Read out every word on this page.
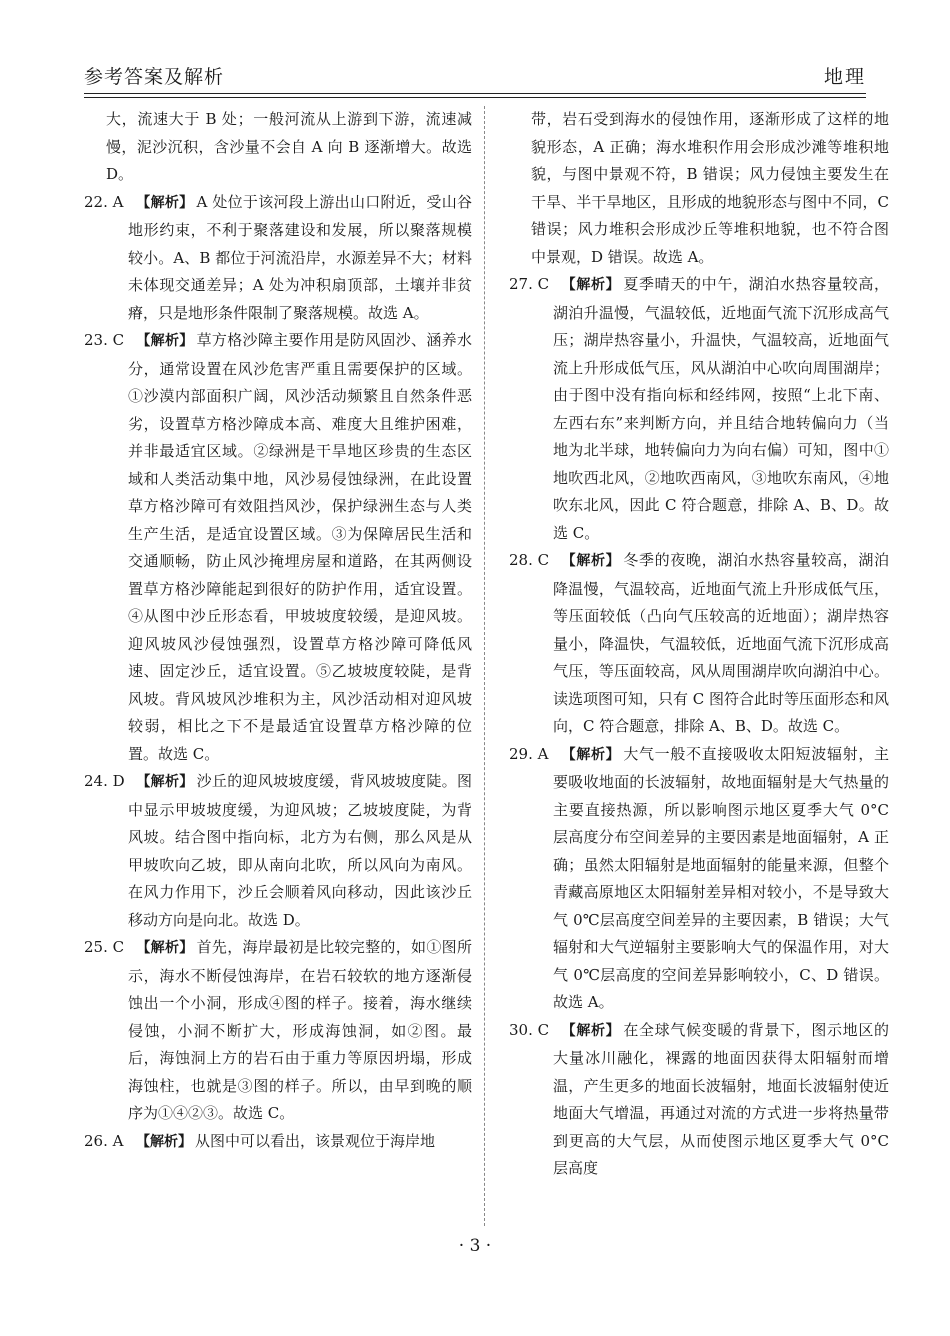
参考答案及解析	地理

大，流速大于 B 处；一般河流从上游到下游，流速减慢，泥沙沉积，含沙量不会自 A 向 B 逐渐增大。故选 D。

22. A 【解析】 A 处位于该河段上游出山口附近，受山谷地形约束，不利于聚落建设和发展，所以聚落规模较小。A、B 都位于河流沿岸，水源差异不大；材料未体现交通差异；A 处为冲积扇顶部，土壤并非贫瘠，只是地形条件限制了聚落规模。故选 A。

23. C 【解析】 草方格沙障主要作用是防风固沙、涵养水分，通常设置在风沙危害严重且需要保护的区域。①沙漠内部面积广阔，风沙活动频繁且自然条件恶劣，设置草方格沙障成本高、难度大且维护困难，并非最适宜区域。②绿洲是干旱地区珍贵的生态区域和人类活动集中地，风沙易侵蚀绿洲，在此设置草方格沙障可有效阻挡风沙，保护绿洲生态与人类生产生活，是适宜设置区域。③为保障居民生活和交通顺畅，防止风沙掩埋房屋和道路，在其两侧设置草方格沙障能起到很好的防护作用，适宜设置。④从图中沙丘形态看，甲坡坡度较缓，是迎风坡。迎风坡风沙侵蚀强烈，设置草方格沙障可降低风速、固定沙丘，适宜设置。⑤乙坡坡度较陡，是背风坡。背风坡风沙堆积为主，风沙活动相对迎风坡较弱，相比之下不是最适宜设置草方格沙障的位置。故选 C。

24. D 【解析】 沙丘的迎风坡坡度缓，背风坡坡度陡。图中显示甲坡坡度缓，为迎风坡；乙坡坡度陡，为背风坡。结合图中指向标，北方为右侧，那么风是从甲坡吹向乙坡，即从南向北吹，所以风向为南风。在风力作用下，沙丘会顺着风向移动，因此该沙丘移动方向是向北。故选 D。

25. C 【解析】 首先，海岸最初是比较完整的，如①图所示，海水不断侵蚀海岸，在岩石较软的地方逐渐侵蚀出一个小洞，形成④图的样子。接着，海水继续侵蚀，小洞不断扩大，形成海蚀洞，如②图。最后，海蚀洞上方的岩石由于重力等原因坍塌，形成海蚀柱，也就是③图的样子。所以，由早到晚的顺序为①④②③。故选 C。

26. A 【解析】 从图中可以看出，该景观位于海岸地

带，岩石受到海水的侵蚀作用，逐渐形成了这样的地貌形态，A 正确；海水堆积作用会形成沙滩等堆积地貌，与图中景观不符，B 错误；风力侵蚀主要发生在干旱、半干旱地区，且形成的地貌形态与图中不同，C 错误；风力堆积会形成沙丘等堆积地貌，也不符合图中景观，D 错误。故选 A。

27. C 【解析】 夏季晴天的中午，湖泊水热容量较高，湖泊升温慢，气温较低，近地面气流下沉形成高气压；湖岸热容量小，升温快，气温较高，近地面气流上升形成低气压，风从湖泊中心吹向周围湖岸；由于图中没有指向标和经纬网，按照“上北下南、左西右东”来判断方向，并且结合地转偏向力（当地为北半球，地转偏向力为向右偏）可知，图中①地吹西北风，②地吹西南风，③地吹东南风，④地吹东北风，因此 C 符合题意，排除 A、B、D。故选 C。

28. C 【解析】 冬季的夜晚，湖泊水热容量较高，湖泊降温慢，气温较高，近地面气流上升形成低气压，等压面较低（凸向气压较高的近地面）；湖岸热容量小，降温快，气温较低，近地面气流下沉形成高气压，等压面较高，风从周围湖岸吹向湖泊中心。读选项图可知，只有 C 图符合此时等压面形态和风向，C 符合题意，排除 A、B、D。故选 C。

29. A 【解析】 大气一般不直接吸收太阳短波辐射，主要吸收地面的长波辐射，故地面辐射是大气热量的主要直接热源，所以影响图示地区夏季大气 0°C 层高度分布空间差异的主要因素是地面辐射，A 正确；虽然太阳辐射是地面辐射的能量来源，但整个青藏高原地区太阳辐射差异相对较小，不是导致大气 0℃层高度空间差异的主要因素，B 错误；大气辐射和大气逆辐射主要影响大气的保温作用，对大气 0℃层高度的空间差异影响较小，C、D 错误。故选 A。

30. C 【解析】 在全球气候变暖的背景下，图示地区的大量冰川融化，裸露的地面因获得太阳辐射而增温，产生更多的地面长波辐射，地面长波辐射使近地面大气增温，再通过对流的方式进一步将热量带到更高的大气层，从而使图示地区夏季大气 0°C 层高度

· 3 ·
